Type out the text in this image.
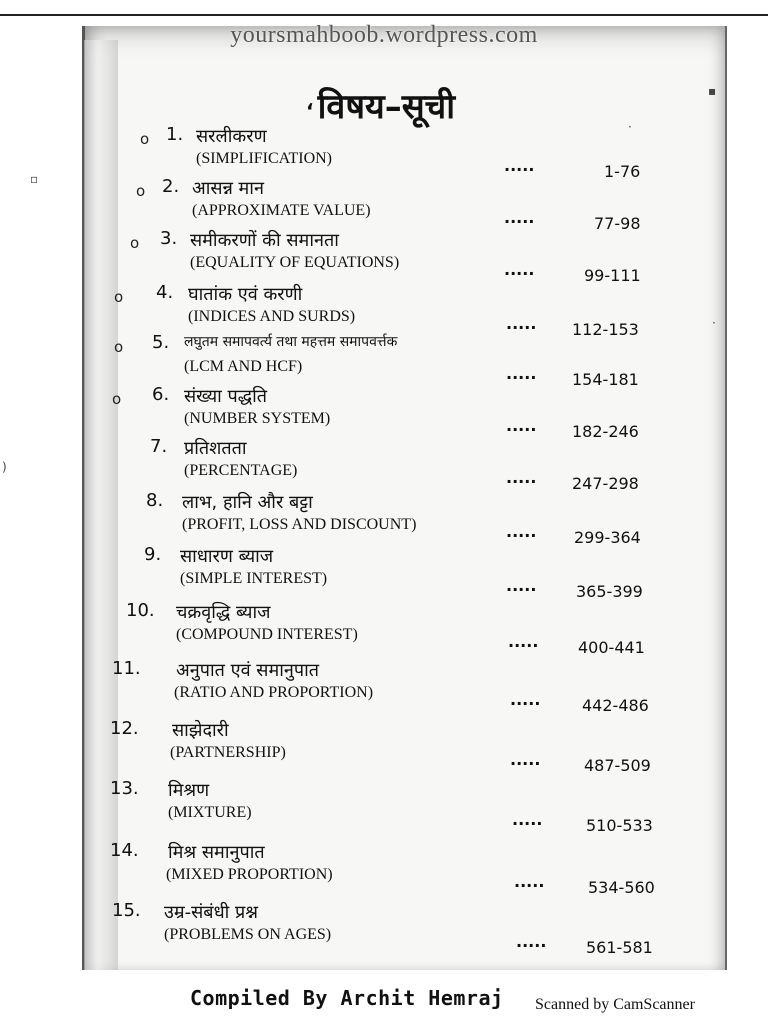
yoursmahboob.wordpress.com
ʻ विषय–सूची
o 1. सरलीकरण
(SIMPLIFICATION)	.....	1-76
o 2. आसन्न मान
(APPROXIMATE VALUE)	.....	77-98
o 3. समीकरणों की समानता
(EQUALITY OF EQUATIONS)	.....	99-111
o 4. घातांक एवं करणी
(INDICES AND SURDS)	..... 112-153
o 5. लघुतम समापवर्त्य तथा महत्तम समापवर्त्तक
(LCM AND HCF)	..... 154-181
o 6. संख्या पद्धति
(NUMBER SYSTEM)	..... 182-246
7. प्रतिशतता
(PERCENTAGE)	..... 247-298
8. लाभ, हानि और बट्टा
(PROFIT, LOSS AND DISCOUNT)	..... 299-364
9. साधारण ब्याज
(SIMPLE INTEREST)	..... 365-399
10. चक्रवृद्धि ब्याज
(COMPOUND INTEREST)	..... 400-441
11. अनुपात एवं समानुपात
(RATIO AND PROPORTION)	.....	442-486
12. साझेदारी
(PARTNERSHIP)	.....	487-509
13. मिश्रण
(MIXTURE)	.....	510-533
14. मिश्र समानुपात
(MIXED PROPORTION)	.....	534-560
15. उम्र-संबंधी प्रश्न
(PROBLEMS ON AGES)	..... 561-581
▫
)
·
▪
·
Compiled By Archit Hemraj Scanned by CamScanner
